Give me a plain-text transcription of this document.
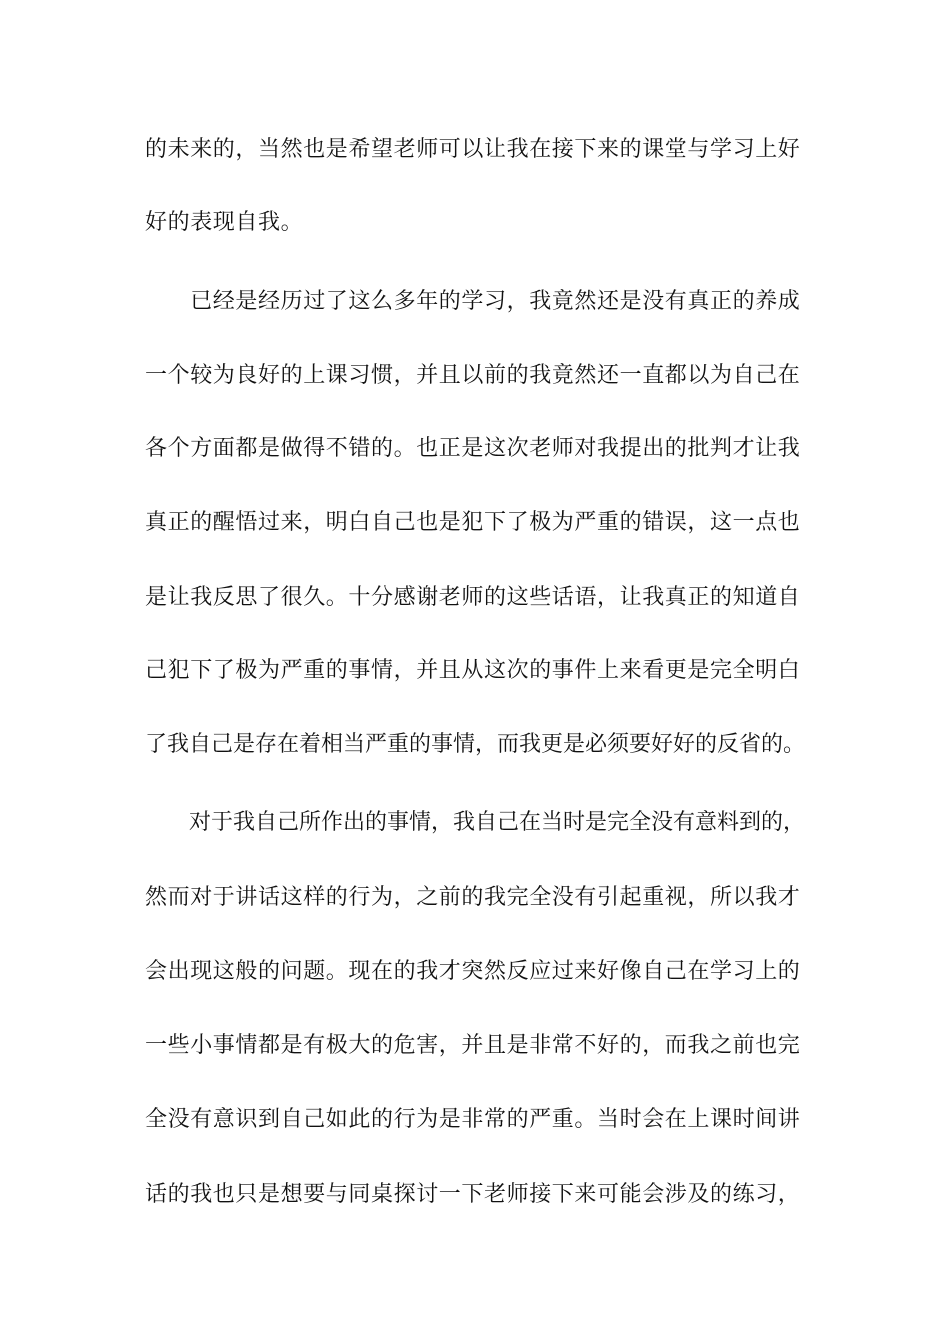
的未来的，当然也是希望老师可以让我在接下来的课堂与学习上好
好的表现自我。
　　已经是经历过了这么多年的学习，我竟然还是没有真正的养成
一个较为良好的上课习惯，并且以前的我竟然还一直都以为自己在
各个方面都是做得不错的。也正是这次老师对我提出的批判才让我
真正的醒悟过来，明白自己也是犯下了极为严重的错误，这一点也
是让我反思了很久。十分感谢老师的这些话语，让我真正的知道自
己犯下了极为严重的事情，并且从这次的事件上来看更是完全明白
了我自己是存在着相当严重的事情，而我更是必须要好好的反省的。
　　对于我自己所作出的事情，我自己在当时是完全没有意料到的，
然而对于讲话这样的行为，之前的我完全没有引起重视，所以我才
会出现这般的问题。现在的我才突然反应过来好像自己在学习上的
一些小事情都是有极大的危害，并且是非常不好的，而我之前也完
全没有意识到自己如此的行为是非常的严重。当时会在上课时间讲
话的我也只是想要与同桌探讨一下老师接下来可能会涉及的练习，
